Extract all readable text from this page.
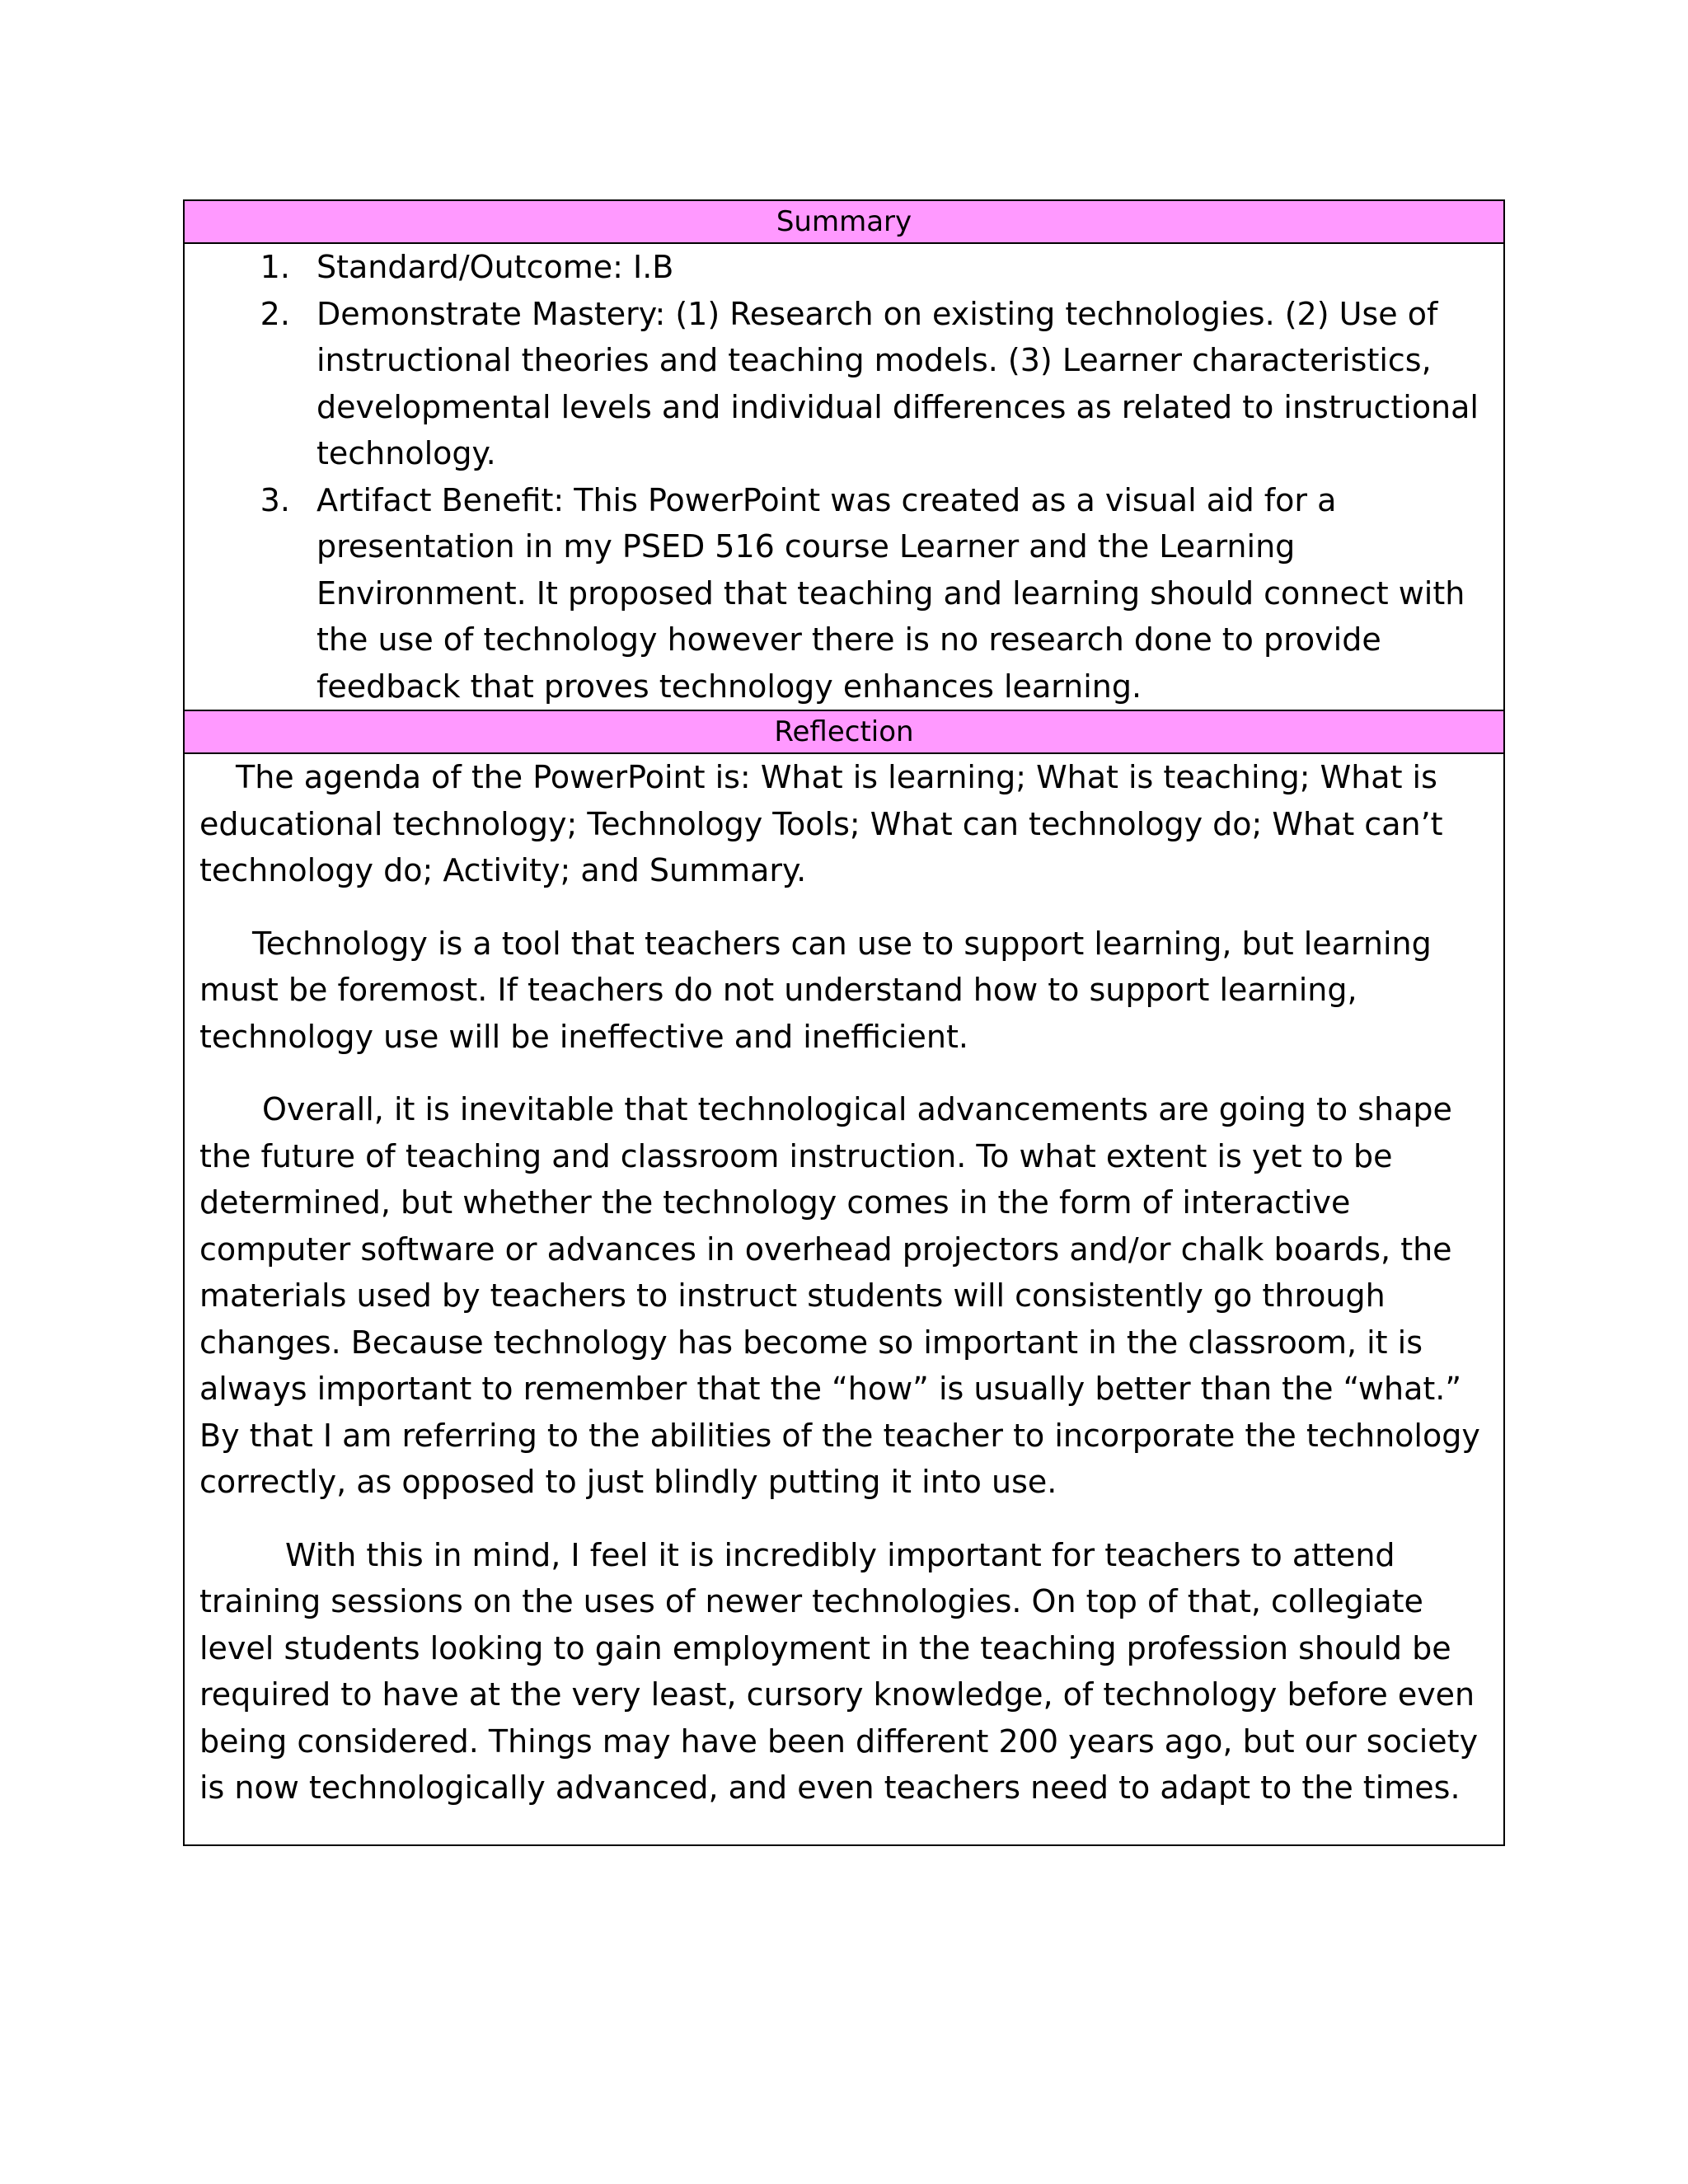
Summary

1. Standard/Outcome: I.B
2. Demonstrate Mastery: (1) Research on existing technologies. (2) Use of instructional theories and teaching models. (3) Learner characteristics, developmental levels and individual differences as related to instructional technology.
3. Artifact Benefit: This PowerPoint was created as a visual aid for a presentation in my PSED 516 course Learner and the Learning Environment. It proposed that teaching and learning should connect with the use of technology however there is no research done to provide feedback that proves technology enhances learning.

Reflection

The agenda of the PowerPoint is: What is learning; What is teaching; What is educational technology; Technology Tools; What can technology do; What can’t technology do; Activity; and Summary.

Technology is a tool that teachers can use to support learning, but learning must be foremost. If teachers do not understand how to support learning, technology use will be ineffective and inefficient.

Overall, it is inevitable that technological advancements are going to shape the future of teaching and classroom instruction. To what extent is yet to be determined, but whether the technology comes in the form of interactive computer software or advances in overhead projectors and/or chalk boards, the materials used by teachers to instruct students will consistently go through changes. Because technology has become so important in the classroom, it is always important to remember that the “how” is usually better than the “what.” By that I am referring to the abilities of the teacher to incorporate the technology correctly, as opposed to just blindly putting it into use.

With this in mind, I feel it is incredibly important for teachers to attend training sessions on the uses of newer technologies. On top of that, collegiate level students looking to gain employment in the teaching profession should be required to have at the very least, cursory knowledge, of technology before even being considered. Things may have been different 200 years ago, but our society is now technologically advanced, and even teachers need to adapt to the times.
